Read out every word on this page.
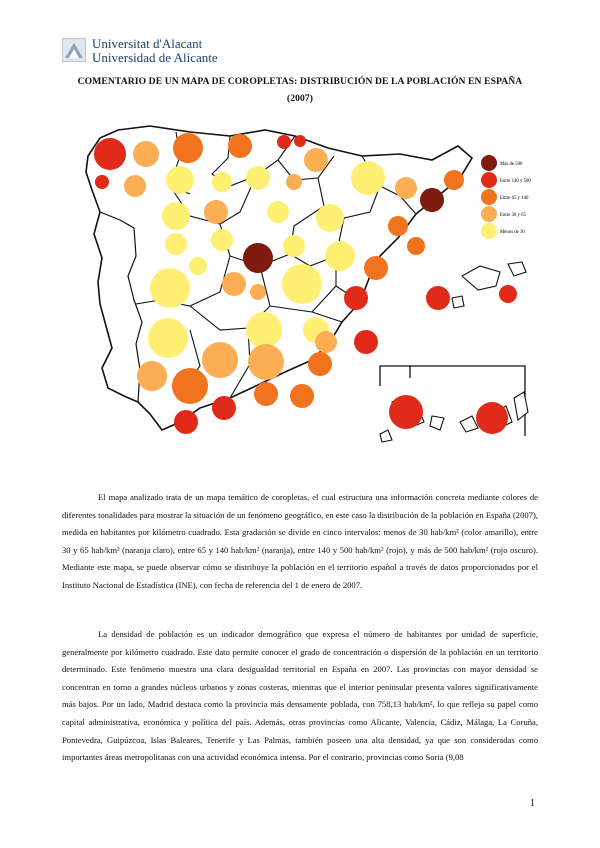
Universitat d'Alacant
Universidad de Alicante
COMENTARIO DE UN MAPA DE COROPLETAS: DISTRIBUCIÓN DE LA POBLACIÓN EN ESPAÑA
(2007)
Más de 500
Entre 140 y 500
Entre 65 y 140
Entre 30 y 65
Menos de 30
El mapa analizado trata de un mapa temático de coropletas, el cual estructura una información concreta mediante colores de diferentes tonalidades para mostrar la situación de un fenómeno geográfico, en este caso la distribución de la población en España (2007), medida en habitantes por kilómetro cuadrado. Esta gradación se divide en cinco intervalos: menos de 30 hab/km² (color amarillo), entre 30 y 65 hab/km² (naranja claro), entre 65 y 140 hab/km² (naranja), entre 140 y 500 hab/km² (rojo), y más de 500 hab/km² (rojo oscuro). Mediante este mapa, se puede observar cómo se distribuye la población en el territorio español a través de datos proporcionados por el Instituto Nacional de Estadística (INE), con fecha de referencia del 1 de enero de 2007.
La densidad de población es un indicador demográfico que expresa el número de habitantes por unidad de superficie, generalmente por kilómetro cuadrado. Este dato permite conocer el grado de concentración o dispersión de la población en un territorio determinado. Este fenómeno muestra una clara desigualdad territorial en España en 2007. Las provincias con mayor densidad se concentran en torno a grandes núcleos urbanos y zonas costeras, mientras que el interior peninsular presenta valores significativamente más bajos. Por un lado, Madrid destaca como la provincia más densamente poblada, con 758,13 hab/km², lo que refleja su papel como capital administrativa, económica y política del país. Además, otras provincias como Alicante, Valencia, Cádiz, Málaga, La Coruña, Pontevedra, Guipúzcoa, Islas Baleares, Tenerife y Las Palmas, también poseen una alta densidad, ya que son consideradas como importantes áreas metropolitanas con una actividad económica intensa. Por el contrario, provincias como Soria (9,08
1
